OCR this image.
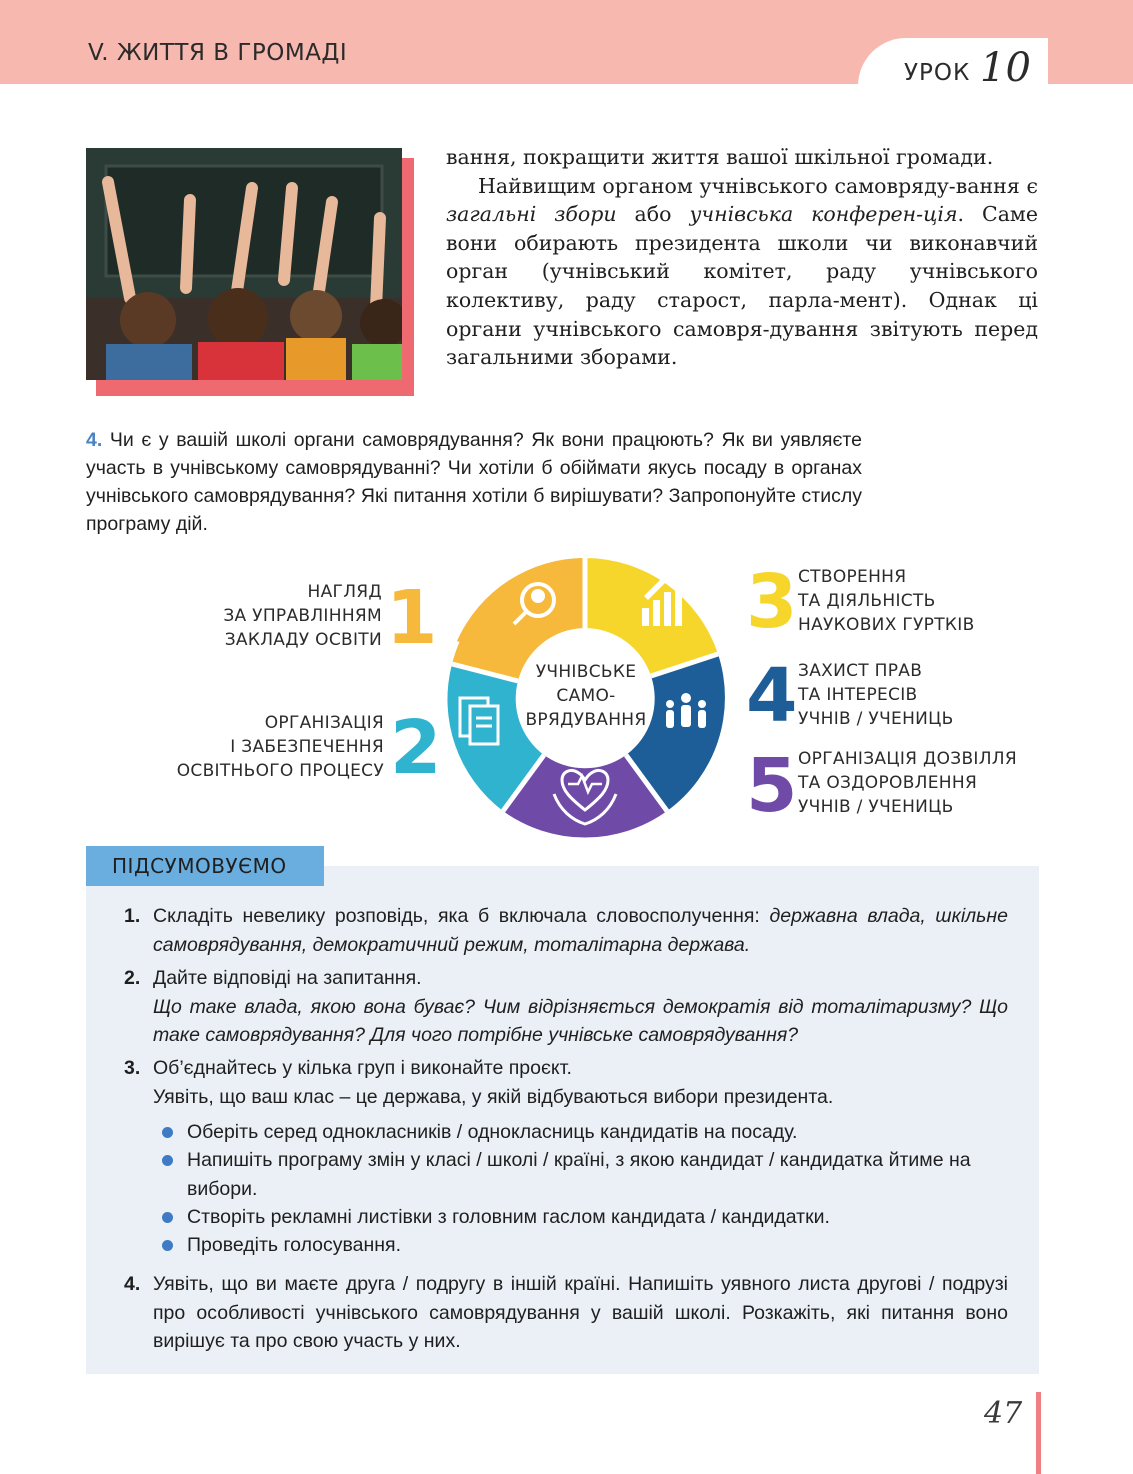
V. ЖИТТЯ В ГРОМАДІ
УРОК 10

вання, покращити життя вашої шкільної громади.

Найвищим органом учнівського самовряду-вання є загальні збори або учнівська конферен-ція. Саме вони обирають президента школи чи виконавчий орган (учнівський комітет, раду учнівського колективу, раду старост, парла-мент). Однак ці органи учнівського самовря-дування звітують перед загальними зборами.

4. Чи є у вашій школі органи самоврядування? Як вони працюють? Як ви уявляєте участь в учнівському самоврядуванні? Чи хотіли б обіймати якусь посаду в органах учнівського самоврядування? Які питання хотіли б вирішувати? Запропонуйте стислу програму дій.
НАГЛЯД
ЗА УПРАВЛІННЯМ
ЗАКЛАДУ ОСВІТИ 1
ОРГАНІЗАЦІЯ
І ЗАБЕЗПЕЧЕННЯ
ОСВІТНЬОГО ПРОЦЕСУ 2
3 СТВОРЕННЯ
ТА ДІЯЛЬНІСТЬ
НАУКОВИХ ГУРТКІВ
4 ЗАХИСТ ПРАВ
ТА ІНТЕРЕСІВ
УЧНІВ / УЧЕНИЦЬ
5 ОРГАНІЗАЦІЯ ДОЗВІЛЛЯ
ТА ОЗДОРОВЛЕННЯ
УЧНІВ / УЧЕНИЦЬ
УЧНІВСЬКЕ
САМО-
ВРЯДУВАННЯ
ПІДСУМОВУЄМО
1. Складіть невелику розповідь, яка б включала словосполучення: державна влада, шкільне самоврядування, демократичний режим, тоталітарна держава.
2. Дайте відповіді на запитання.
Що таке влада, якою вона буває? Чим відрізняється демократія від тоталітаризму? Що таке самоврядування? Для чого потрібне учнівське самоврядування?
3. Об’єднайтесь у кілька груп і виконайте проєкт.
Уявіть, що ваш клас – це держава, у якій відбуваються вибори президента.
Оберіть серед однокласників / однокласниць кандидатів на посаду.
Напишіть програму змін у класі / школі / країні, з якою кандидат / кандидатка йтиме на вибори.
Створіть рекламні листівки з головним гаслом кандидата / кандидатки.
Проведіть голосування.
4. Уявіть, що ви маєте друга / подругу в іншій країні. Напишіть уявного листа другові / подрузі про особливості учнівського самоврядування у вашій школі. Розкажіть, які питання воно вирішує та про свою участь у них.
47
